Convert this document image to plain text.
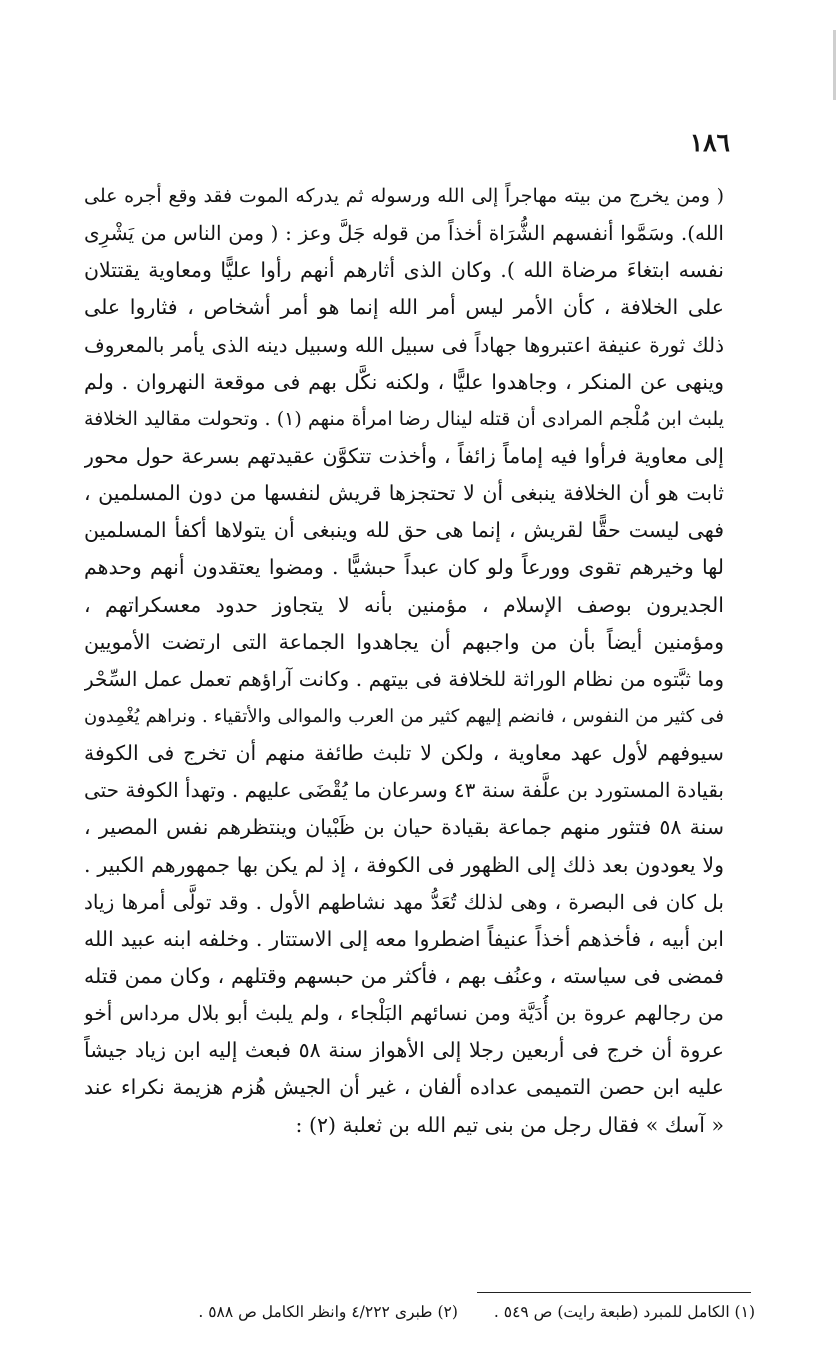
١٨٦
( ومن يخرج من بيته مهاجراً إلى الله ورسوله ثم يدركه الموت فقد وقع أجره على
الله). وسَمَّوا أنفسهم الشُّرَاة أخذاً من قوله جَلَّ وعز : ( ومن الناس من يَشْرِى
نفسه ابتغاءَ مرضاة الله ). وكان الذى أثارهم أنهم رأوا عليًّا ومعاوية يقتتلان
على الخلافة ، كأن الأمر ليس أمر الله إنما هو أمر أشخاص ، فثاروا على
ذلك ثورة عنيفة اعتبروها جهاداً فى سبيل الله وسبيل دينه الذى يأمر بالمعروف
وينهى عن المنكر ، وجاهدوا عليًّا ، ولكنه نكَّل بهم فى موقعة النهروان . ولم
يلبث ابن مُلْجم المرادى أن قتله لينال رضا امرأة منهم (١) . وتحولت مقاليد الخلافة
إلى معاوية فرأوا فيه إماماً زائفاً ، وأخذت تتكوَّن عقيدتهم بسرعة حول محور
ثابت هو أن الخلافة ينبغى أن لا تحتجزها قريش لنفسها من دون المسلمين ،
فهى ليست حقًّا لقريش ، إنما هى حق لله وينبغى أن يتولاها أكفأ المسلمين
لها وخيرهم تقوى وورعاً ولو كان عبداً حبشيًّا . ومضوا يعتقدون أنهم وحدهم
الجديرون بوصف الإسلام ، مؤمنين بأنه لا يتجاوز حدود معسكراتهم ،
ومؤمنين أيضاً بأن من واجبهم أن يجاهدوا الجماعة التى ارتضت الأمويين
وما ثبَّتوه من نظام الوراثة للخلافة فى بيتهم . وكانت آراؤهم تعمل عمل السِّحْر
فى كثير من النفوس ، فانضم إليهم كثير من العرب والموالى والأتقياء . ونراهم يُغْمِدون
سيوفهم لأول عهد معاوية ، ولكن لا تلبث طائفة منهم أن تخرج فى الكوفة
بقيادة المستورد بن علَّفة سنة ٤٣ وسرعان ما يُقْضَى عليهم . وتهدأ الكوفة حتى
سنة ٥٨ فتثور منهم جماعة بقيادة حيان بن ظَبْيان وينتظرهم نفس المصير ،
ولا يعودون بعد ذلك إلى الظهور فى الكوفة ، إذ لم يكن بها جمهورهم الكبير .
بل كان فى البصرة ، وهى لذلك تُعَدُّ مهد نشاطهم الأول . وقد تولَّى أمرها زياد
ابن أبيه ، فأخذهم أخذاً عنيفاً اضطروا معه إلى الاستتار . وخلفه ابنه عبيد الله
فمضى فى سياسته ، وعنُف بهم ، فأكثر من حبسهم وقتلهم ، وكان ممن قتله
من رجالهم عروة بن أُدَيَّة ومن نسائهم البَلْجاء ، ولم يلبث أبو بلال مرداس أخو
عروة أن خرج فى أربعين رجلا إلى الأهواز سنة ٥٨ فبعث إليه ابن زياد جيشاً
عليه ابن حصن التميمى عداده ألفان ، غير أن الجيش هُزم هزيمة نكراء عند
« آسك » فقال رجل من بنى تيم الله بن ثعلبة (٢) :
(١) الكامل للمبرد (طبعة رايت) ص ٥٤٩ .
(٢) طبرى ٤/٢٢٢ وانظر الكامل ص ٥٨٨ .
